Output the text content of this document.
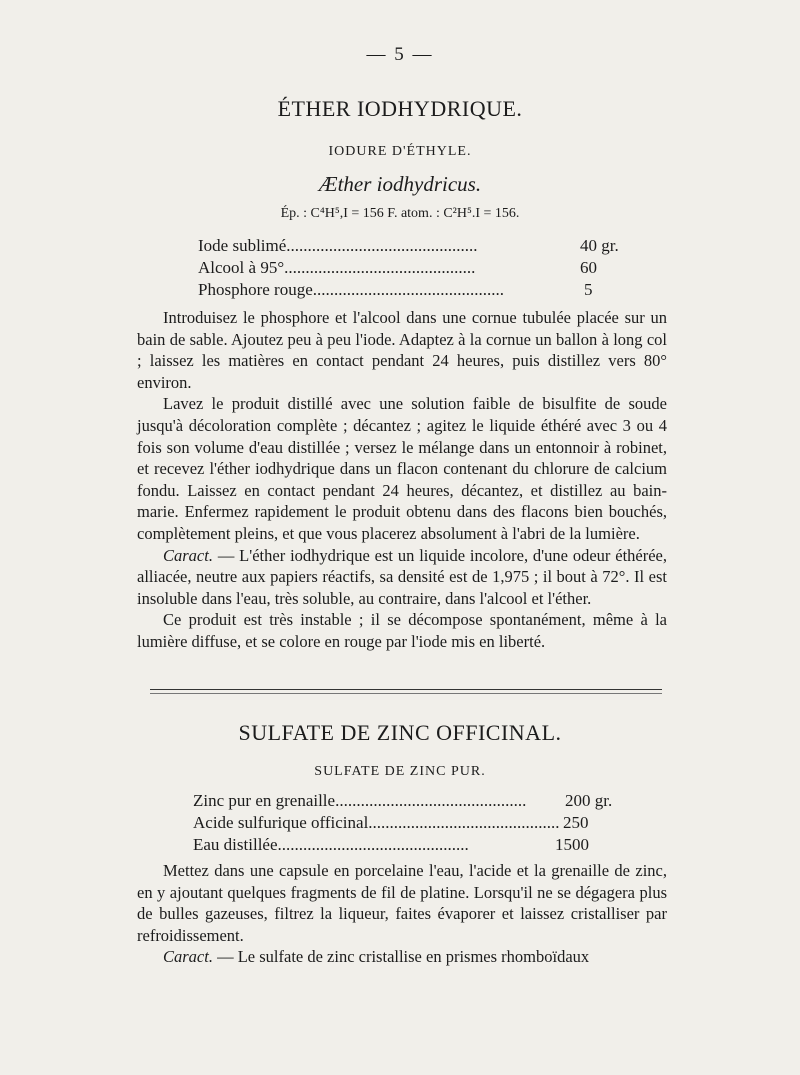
— 5 —
ÉTHER IODHYDRIQUE.
IODURE D'ÉTHYLE.
Æther iodhydricus.
Ép. : C⁴H⁵,I = 156 F. atom. : C²H⁵.I = 156.
Iode sublimé.............................................	40 gr.
Alcool à 95°.............................................	60
Phosphore rouge.............................................	5

Introduisez le phosphore et l'alcool dans une cornue tubulée placée sur un bain de sable. Ajoutez peu à peu l'iode. Adaptez à la cornue un ballon à long col ; laissez les matières en contact pendant 24 heures, puis distillez vers 80° environ.

Lavez le produit distillé avec une solution faible de bisulfite de soude jusqu'à décoloration complète ; décantez ; agitez le liquide éthéré avec 3 ou 4 fois son volume d'eau distillée ; versez le mélange dans un entonnoir à robinet, et recevez l'éther iodhydrique dans un flacon contenant du chlorure de calcium fondu. Laissez en contact pendant 24 heures, décantez, et distillez au bain-marie. Enfermez rapidement le produit obtenu dans des flacons bien bouchés, complètement pleins, et que vous placerez absolument à l'abri de la lumière.

Caract. — L'éther iodhydrique est un liquide incolore, d'une odeur éthérée, alliacée, neutre aux papiers réactifs, sa densité est de 1,975 ; il bout à 72°. Il est insoluble dans l'eau, très soluble, au contraire, dans l'alcool et l'éther.

Ce produit est très instable ; il se décompose spontanément, même à la lumière diffuse, et se colore en rouge par l'iode mis en liberté.

SULFATE DE ZINC OFFICINAL.
SULFATE DE ZINC PUR.
Zinc pur en grenaille............................................. 200 gr.
Acide sulfurique officinal............................................. 250
Eau distillée.............................................	1500

Mettez dans une capsule en porcelaine l'eau, l'acide et la grenaille de zinc, en y ajoutant quelques fragments de fil de platine. Lorsqu'il ne se dégagera plus de bulles gazeuses, filtrez la liqueur, faites évaporer et laissez cristalliser par refroidissement.

Caract. — Le sulfate de zinc cristallise en prismes rhomboïdaux
